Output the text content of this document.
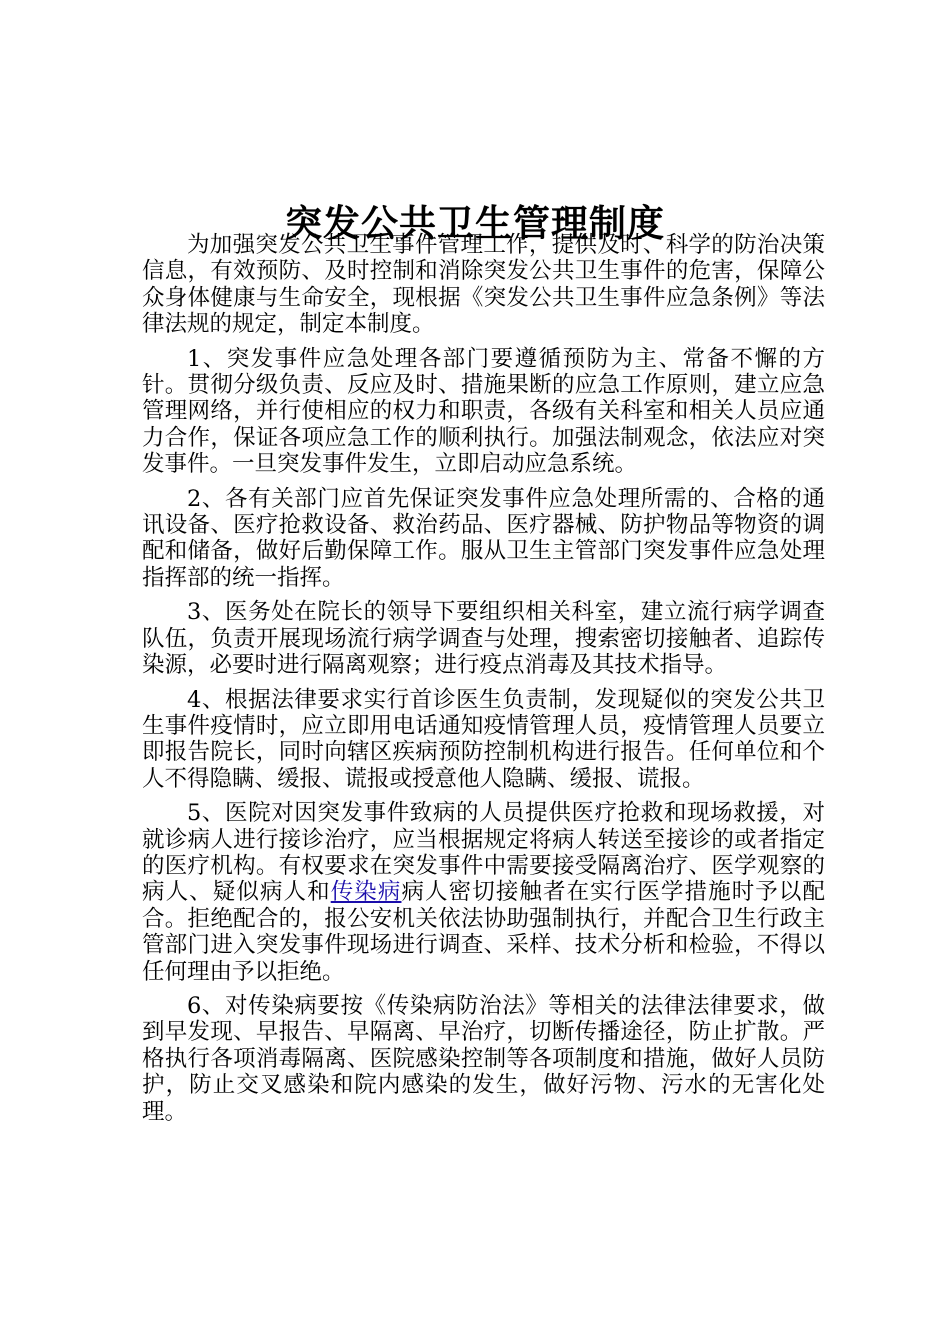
突发公共卫生管理制度

为加强突发公共卫生事件管理工作，提供及时、科学的防治决策信息，有效预防、及时控制和消除突发公共卫生事件的危害，保障公众身体健康与生命安全，现根据《突发公共卫生事件应急条例》等法律法规的规定，制定本制度。

1、突发事件应急处理各部门要遵循预防为主、常备不懈的方针。贯彻分级负责、反应及时、措施果断的应急工作原则，建立应急管理网络，并行使相应的权力和职责，各级有关科室和相关人员应通力合作，保证各项应急工作的顺利执行。加强法制观念，依法应对突发事件。一旦突发事件发生，立即启动应急系统。

2、各有关部门应首先保证突发事件应急处理所需的、合格的通讯设备、医疗抢救设备、救治药品、医疗器械、防护物品等物资的调配和储备，做好后勤保障工作。服从卫生主管部门突发事件应急处理指挥部的统一指挥。

3、医务处在院长的领导下要组织相关科室，建立流行病学调查队伍，负责开展现场流行病学调查与处理，搜索密切接触者、追踪传染源，必要时进行隔离观察；进行疫点消毒及其技术指导。

4、根据法律要求实行首诊医生负责制，发现疑似的突发公共卫生事件疫情时，应立即用电话通知疫情管理人员，疫情管理人员要立即报告院长，同时向辖区疾病预防控制机构进行报告。任何单位和个人不得隐瞒、缓报、谎报或授意他人隐瞒、缓报、谎报。

5、医院对因突发事件致病的人员提供医疗抢救和现场救援，对就诊病人进行接诊治疗，应当根据规定将病人转送至接诊的或者指定的医疗机构。有权要求在突发事件中需要接受隔离治疗、医学观察的病人、疑似病人和传染病病人密切接触者在实行医学措施时予以配合。拒绝配合的，报公安机关依法协助强制执行，并配合卫生行政主管部门进入突发事件现场进行调查、采样、技术分析和检验，不得以任何理由予以拒绝。

6、对传染病要按《传染病防治法》等相关的法律法律要求，做到早发现、早报告、早隔离、早治疗，切断传播途径，防止扩散。严格执行各项消毒隔离、医院感染控制等各项制度和措施，做好人员防护，防止交叉感染和院内感染的发生，做好污物、污水的无害化处理。
